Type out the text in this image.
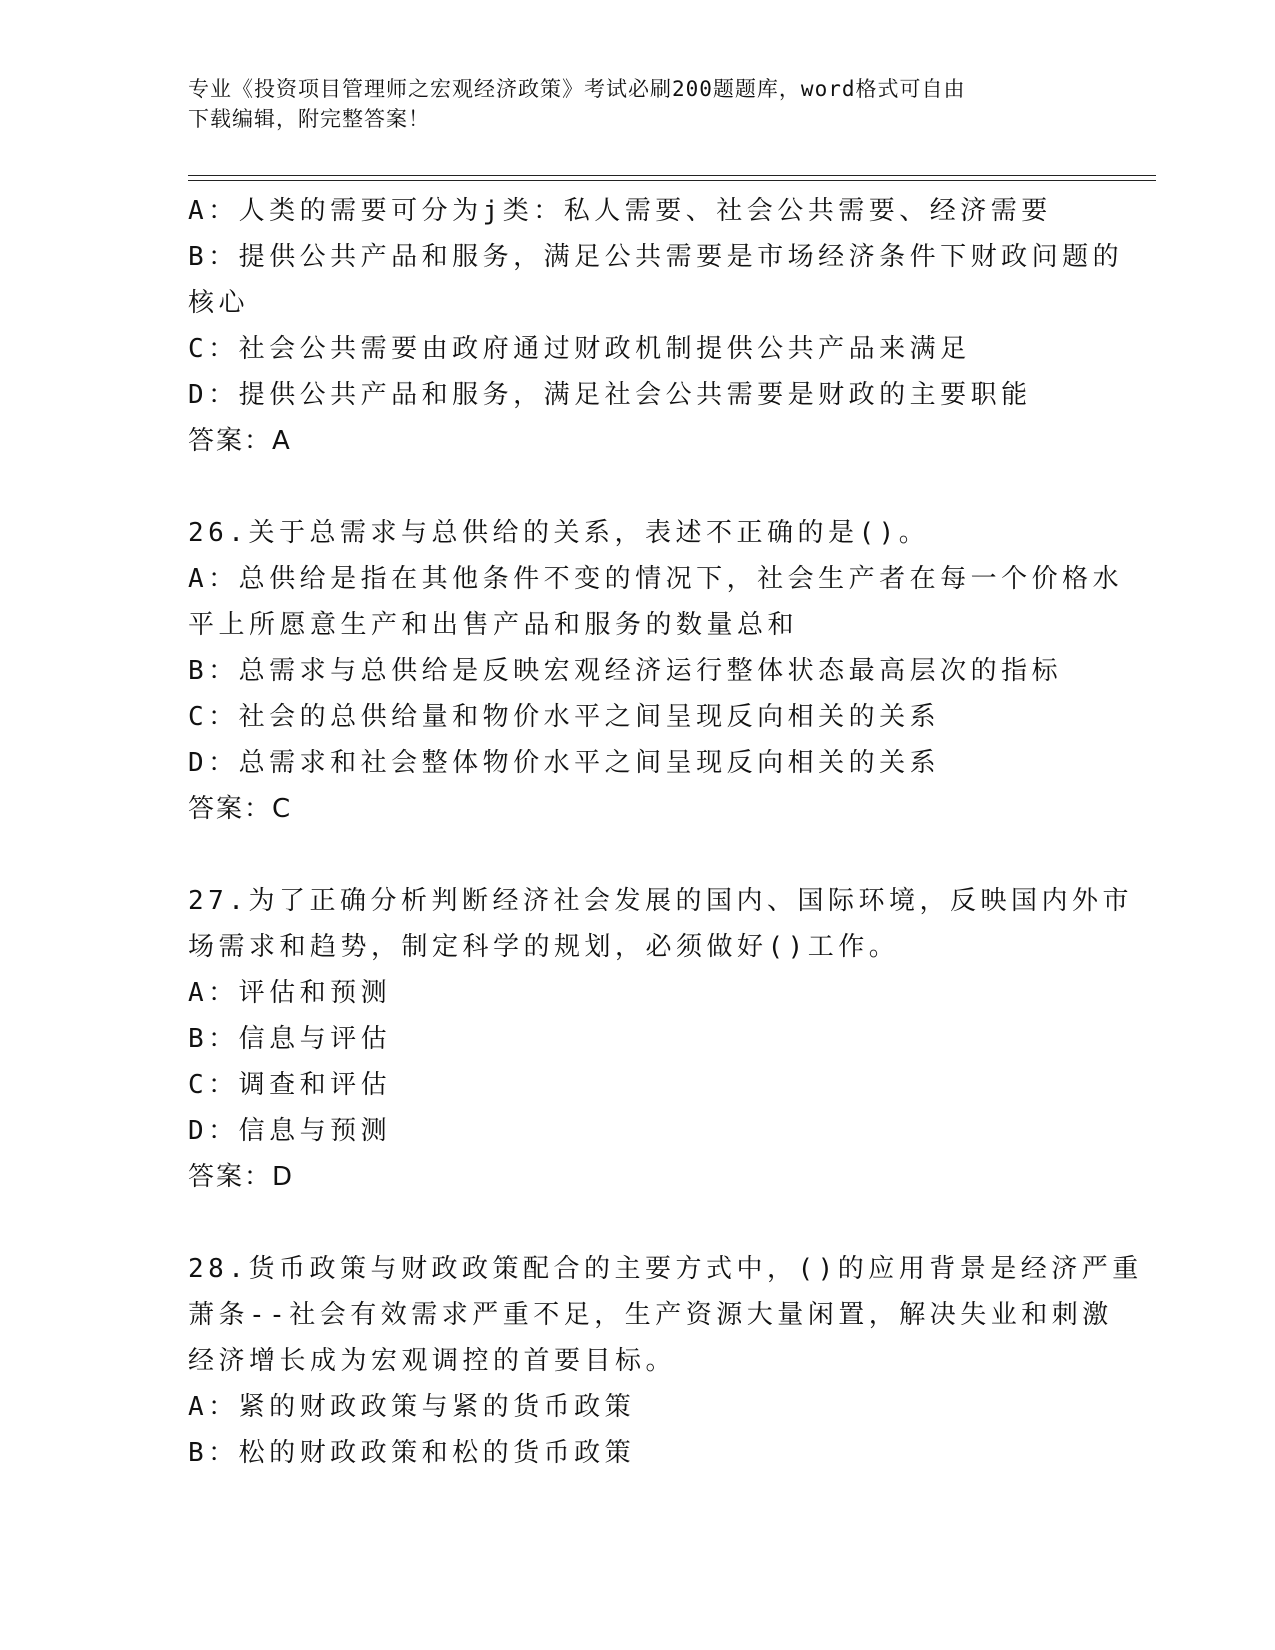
专业《投资项目管理师之宏观经济政策》考试必刷200题题库，word格式可自由
下载编辑，附完整答案！
A：人类的需要可分为j类：私人需要、社会公共需要、经济需要
B：提供公共产品和服务，满足公共需要是市场经济条件下财政问题的
核心
C：社会公共需要由政府通过财政机制提供公共产品来满足
D：提供公共产品和服务，满足社会公共需要是财政的主要职能
答案：A
26.关于总需求与总供给的关系，表述不正确的是()。
A：总供给是指在其他条件不变的情况下，社会生产者在每一个价格水
平上所愿意生产和出售产品和服务的数量总和
B：总需求与总供给是反映宏观经济运行整体状态最高层次的指标
C：社会的总供给量和物价水平之间呈现反向相关的关系
D：总需求和社会整体物价水平之间呈现反向相关的关系
答案：C
27.为了正确分析判断经济社会发展的国内、国际环境，反映国内外市
场需求和趋势，制定科学的规划，必须做好()工作。
A：评估和预测
B：信息与评估
C：调查和评估
D：信息与预测
答案：D
28.货币政策与财政政策配合的主要方式中，()的应用背景是经济严重
萧条--社会有效需求严重不足，生产资源大量闲置，解决失业和刺激
经济增长成为宏观调控的首要目标。
A：紧的财政政策与紧的货币政策
B：松的财政政策和松的货币政策
